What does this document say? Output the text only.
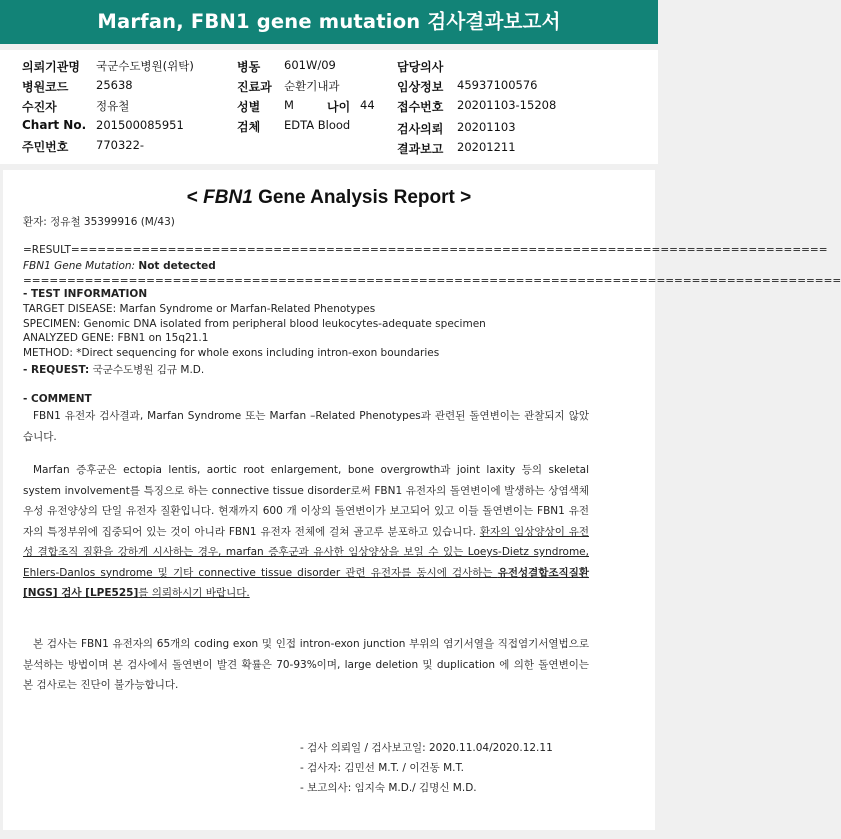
Marfan, FBN1 gene mutation 검사결과보고서
의뢰기관명 국군수도병원(위탁)
병원코드 25638
수진자	정유철
Chart No. 201500085951
주민번호 770322-
병동 601W/09
진료과 순환기내과
성별 M	나이 44
검체 EDTA Blood
담당의사
임상정보 45937100576
접수번호 20201103-15208
검사의뢰 20201103
결과보고 20201211
< FBN1 Gene Analysis Report >
환자: 정유철 35399916 (M/43)
=RESULT======================================================================================
FBN1 Gene Mutation: Not detected
=============================================================================================
- TEST INFORMATION
TARGET DISEASE: Marfan Syndrome or Marfan-Related Phenotypes
SPECIMEN: Genomic DNA isolated from peripheral blood leukocytes-adequate specimen
ANALYZED GENE: FBN1 on 15q21.1
METHOD: *Direct sequencing for whole exons including intron-exon boundaries
- REQUEST: 국군수도병원 김규 M.D.
- COMMENT
FBN1 유전자 검사결과, Marfan Syndrome 또는 Marfan –Related Phenotypes과 관련된 돌연변이는 관찰되지 않았습니다.
Marfan 증후군은 ectopia lentis, aortic root enlargement, bone overgrowth과 joint laxity 등의 skeletal system involvement를 특징으로 하는 connective tissue disorder로써 FBN1 유전자의 돌연변이에 발생하는 상염색체 우성 유전양상의 단일 유전자 질환입니다. 현재까지 600 개 이상의 돌연변이가 보고되어 있고 이들 돌연변이는 FBN1 유전자의 특정부위에 집중되어 있는 것이 아니라 FBN1 유전자 전체에 걸쳐 골고루 분포하고 있습니다. 환자의 임상양상이 유전성 결합조직 질환을 강하게 시사하는 경우, marfan 증후군과 유사한 임상양상을 보일 수 있는 Loeys-Dietz syndrome, Ehlers-Danlos syndrome 및 기타 connective tissue disorder 관련 유전자를 동시에 검사하는 유전성결합조직질환[NGS] 검사 [LPE525]를 의뢰하시기 바랍니다.
본 검사는 FBN1 유전자의 65개의 coding exon 및 인접 intron-exon junction 부위의 염기서열을 직접염기서열법으로 분석하는 방법이며 본 검사에서 돌연변이 발견 확률은 70-93%이며, large deletion 및 duplication 에 의한 돌연변이는 본 검사로는 진단이 불가능합니다.
- 검사 의뢰일 / 검사보고일: 2020.11.04/2020.12.11
- 검사자: 김민선 M.T. / 이건동 M.T.
- 보고의사: 임지숙 M.D./ 김명신 M.D.
